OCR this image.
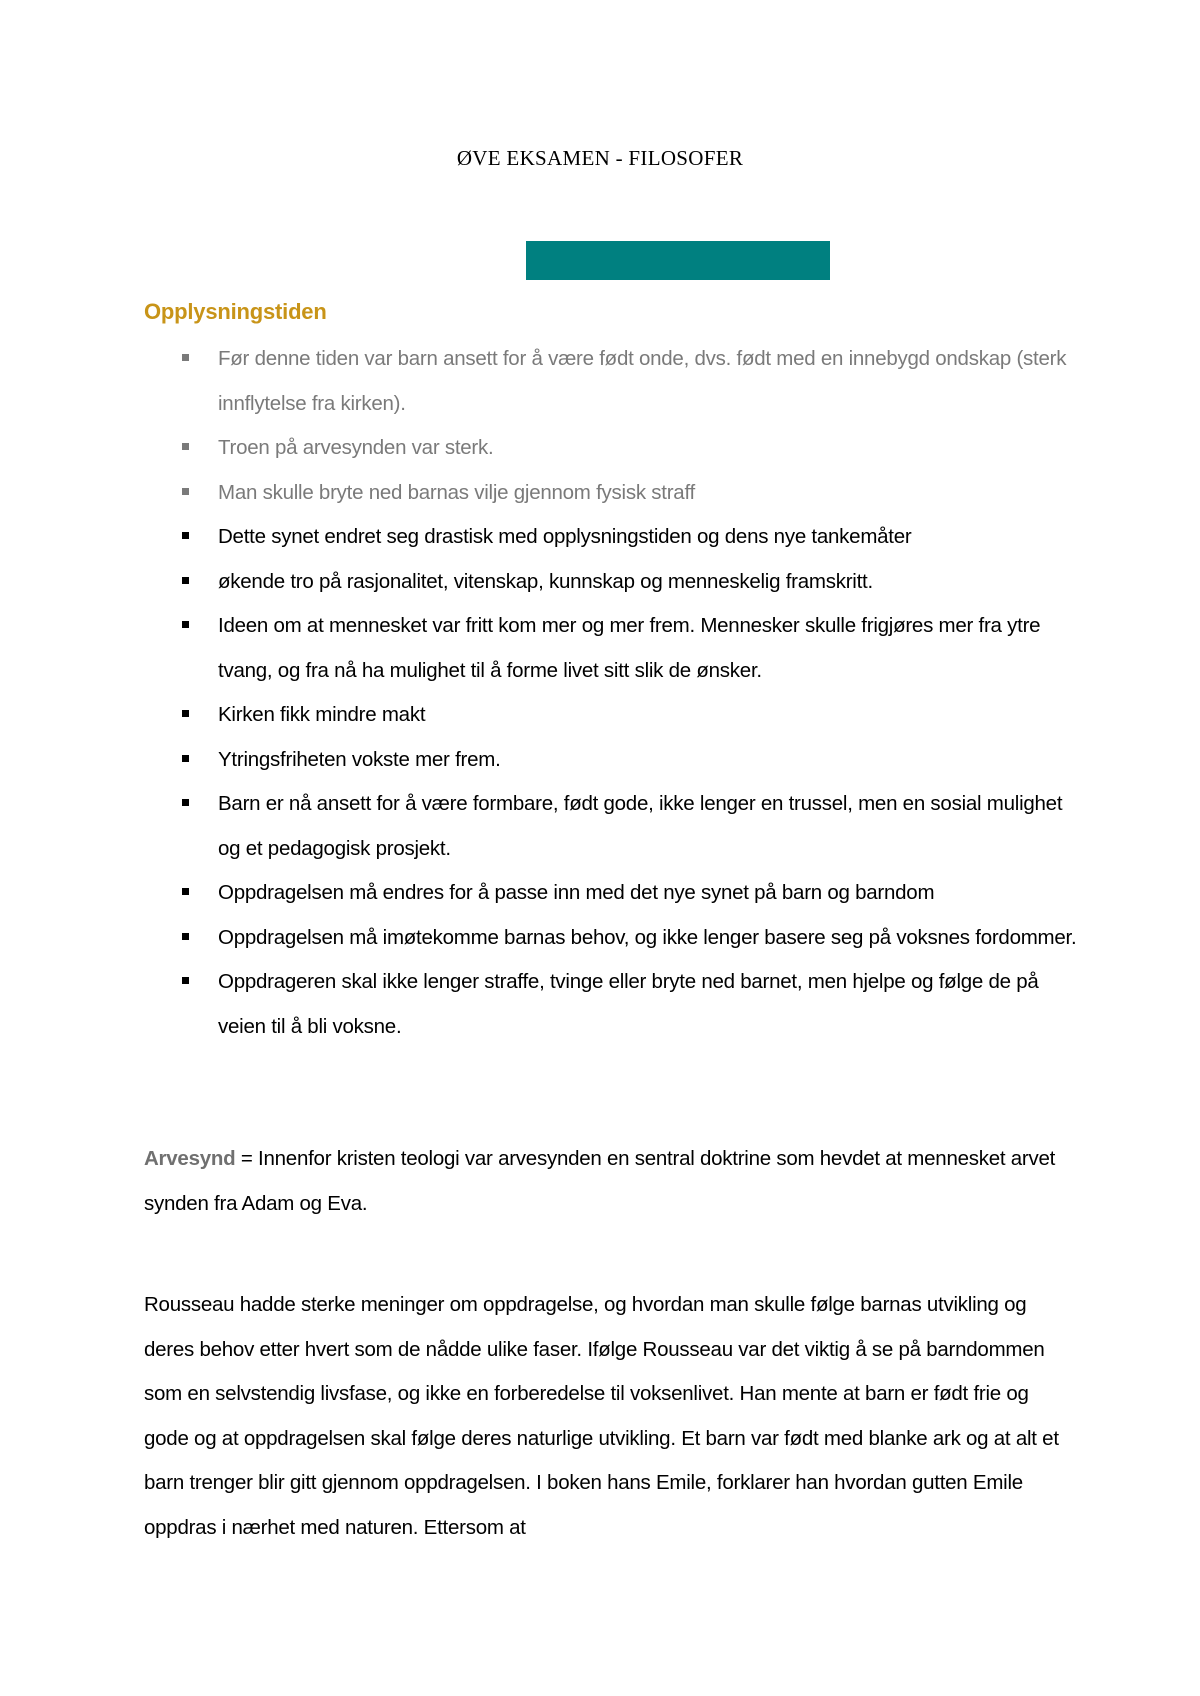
ØVE EKSAMEN - FILOSOFER
Opplysningstiden
Før denne tiden var barn ansett for å være født onde, dvs. født med en innebygd ondskap (sterk innflytelse fra kirken).
Troen på arvesynden var sterk.
Man skulle bryte ned barnas vilje gjennom fysisk straff
Dette synet endret seg drastisk med opplysningstiden og dens nye tankemåter
økende tro på rasjonalitet, vitenskap, kunnskap og menneskelig framskritt.
Ideen om at mennesket var fritt kom mer og mer frem. Mennesker skulle frigjøres mer fra ytre tvang, og fra nå ha mulighet til å forme livet sitt slik de ønsker.
Kirken fikk mindre makt
Ytringsfriheten vokste mer frem.
Barn er nå ansett for å være formbare, født gode, ikke lenger en trussel, men en sosial mulighet og et pedagogisk prosjekt.
Oppdragelsen må endres for å passe inn med det nye synet på barn og barndom
Oppdragelsen må imøtekomme barnas behov, og ikke lenger basere seg på voksnes fordommer.
Oppdrageren skal ikke lenger straffe, tvinge eller bryte ned barnet, men hjelpe og følge de på veien til å bli voksne.

Arvesynd = Innenfor kristen teologi var arvesynden en sentral doktrine som hevdet at mennesket arvet synden fra Adam og Eva.

Rousseau hadde sterke meninger om oppdragelse, og hvordan man skulle følge barnas utvikling og deres behov etter hvert som de nådde ulike faser. Ifølge Rousseau var det viktig å se på barndommen som en selvstendig livsfase, og ikke en forberedelse til voksenlivet. Han mente at barn er født frie og gode og at oppdragelsen skal følge deres naturlige utvikling. Et barn var født med blanke ark og at alt et barn trenger blir gitt gjennom oppdragelsen. I boken hans Emile, forklarer han hvordan gutten Emile oppdras i nærhet med naturen. Ettersom at
